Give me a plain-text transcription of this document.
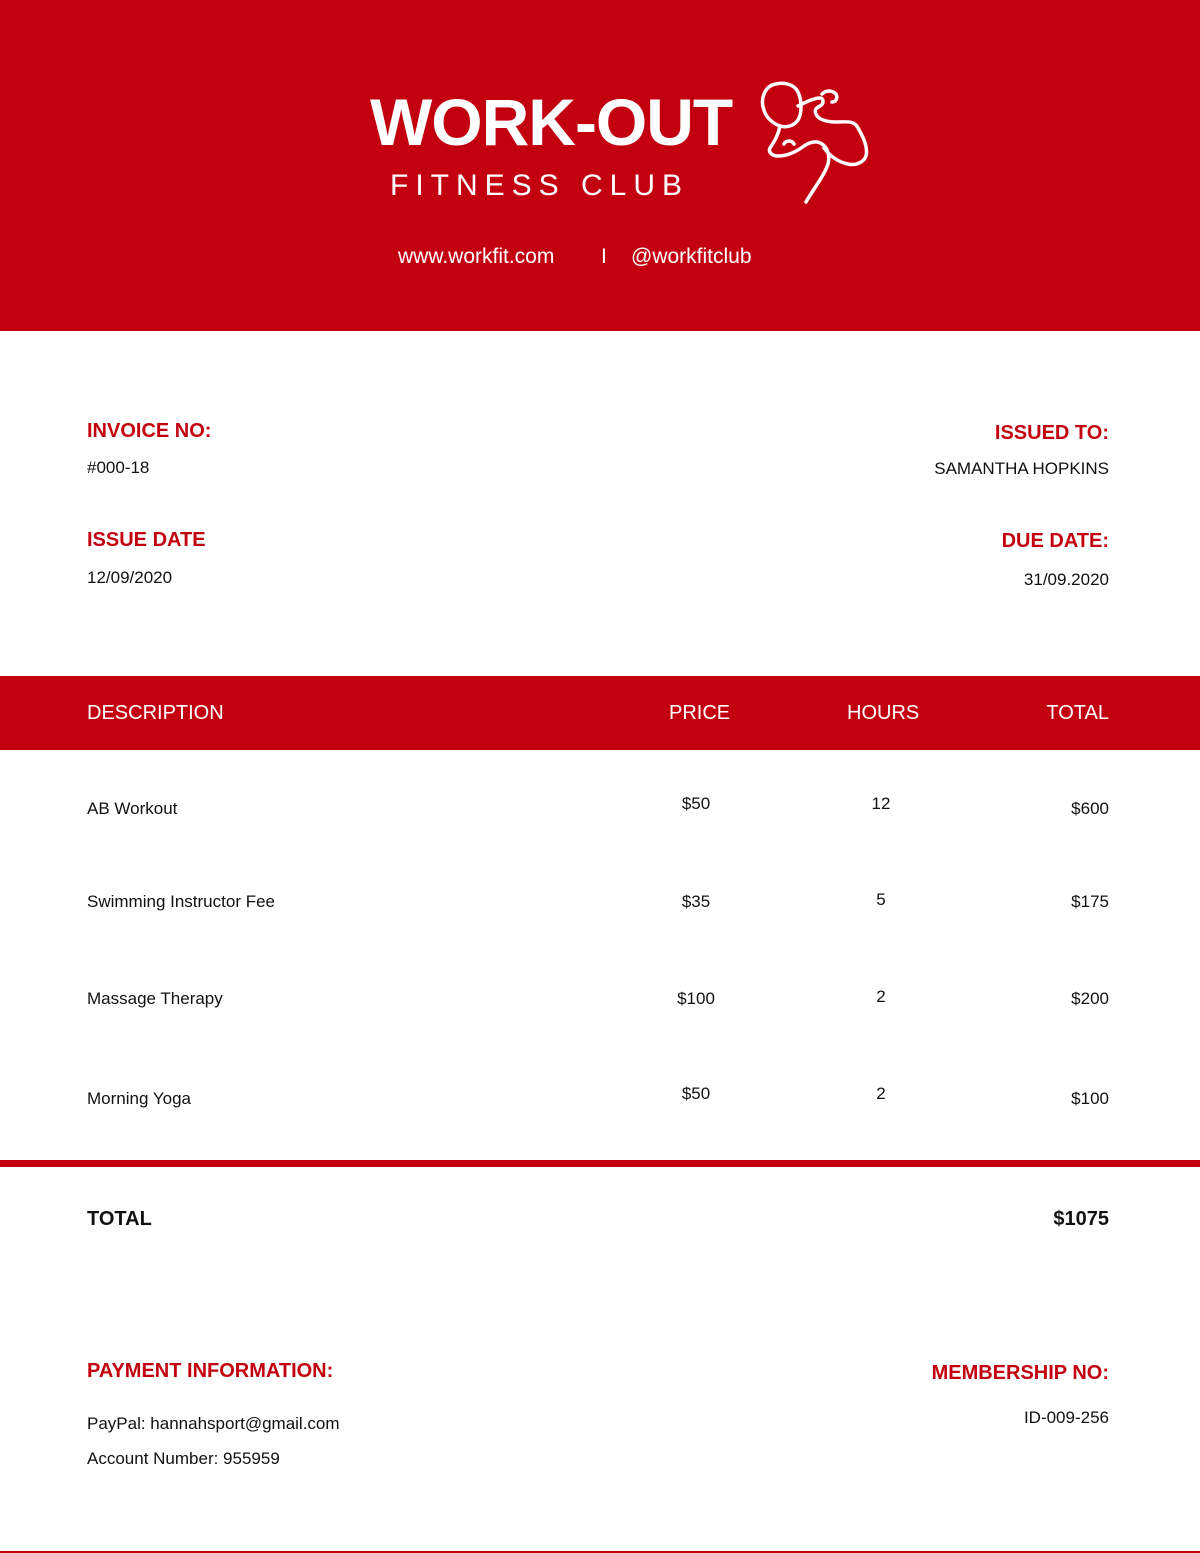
WORK-OUT
FITNESS CLUB
www.workfit.com I @workfitclub
INVOICE NO:
#000-18
ISSUED TO:
SAMANTHA HOPKINS
ISSUE DATE
12/09/2020
DUE DATE:
31/09.2020
DESCRIPTION	PRICE	HOURS	TOTAL
AB Workout	$50	12	$600
Swimming Instructor Fee	$35	5	$175
Massage Therapy	$100	2	$200
Morning Yoga	$50	2	$100
TOTAL	$1075
PAYMENT INFORMATION:
PayPal: hannahsport@gmail.com
Account Number: 955959
MEMBERSHIP NO:
ID-009-256
